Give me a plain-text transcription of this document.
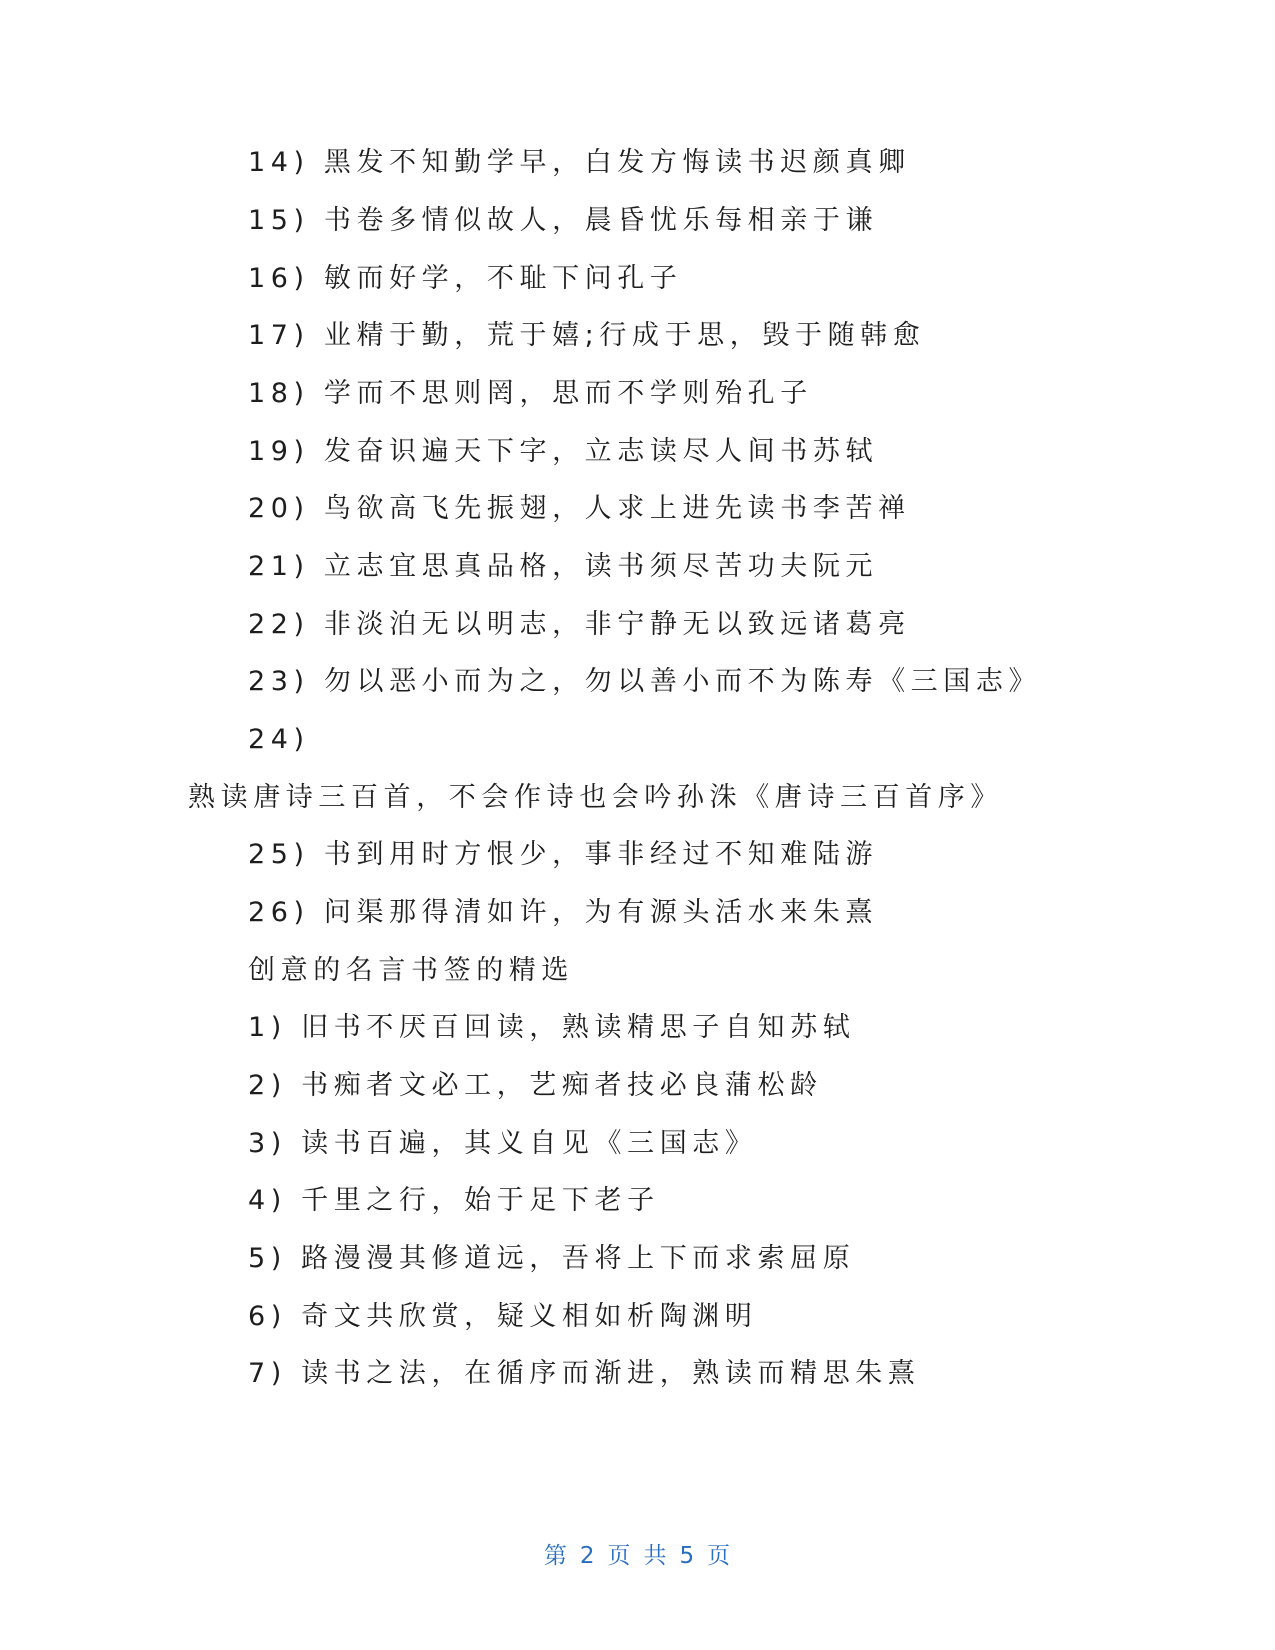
14) 黑发不知勤学早，白发方悔读书迟颜真卿
15) 书卷多情似故人，晨昏忧乐每相亲于谦
16) 敏而好学，不耻下问孔子
17) 业精于勤，荒于嬉;行成于思，毁于随韩愈
18) 学而不思则罔，思而不学则殆孔子
19) 发奋识遍天下字，立志读尽人间书苏轼
20) 鸟欲高飞先振翅，人求上进先读书李苦禅
21) 立志宜思真品格，读书须尽苦功夫阮元
22) 非淡泊无以明志，非宁静无以致远诸葛亮
23) 勿以恶小而为之，勿以善小而不为陈寿《三国志》
24)
熟读唐诗三百首，不会作诗也会吟孙洙《唐诗三百首序》
25) 书到用时方恨少，事非经过不知难陆游
26) 问渠那得清如许，为有源头活水来朱熹
创意的名言书签的精选
1) 旧书不厌百回读，熟读精思子自知苏轼
2) 书痴者文必工，艺痴者技必良蒲松龄
3) 读书百遍，其义自见《三国志》
4) 千里之行，始于足下老子
5) 路漫漫其修道远，吾将上下而求索屈原
6) 奇文共欣赏，疑义相如析陶渊明
7) 读书之法，在循序而渐进，熟读而精思朱熹
第 2 页 共 5 页
